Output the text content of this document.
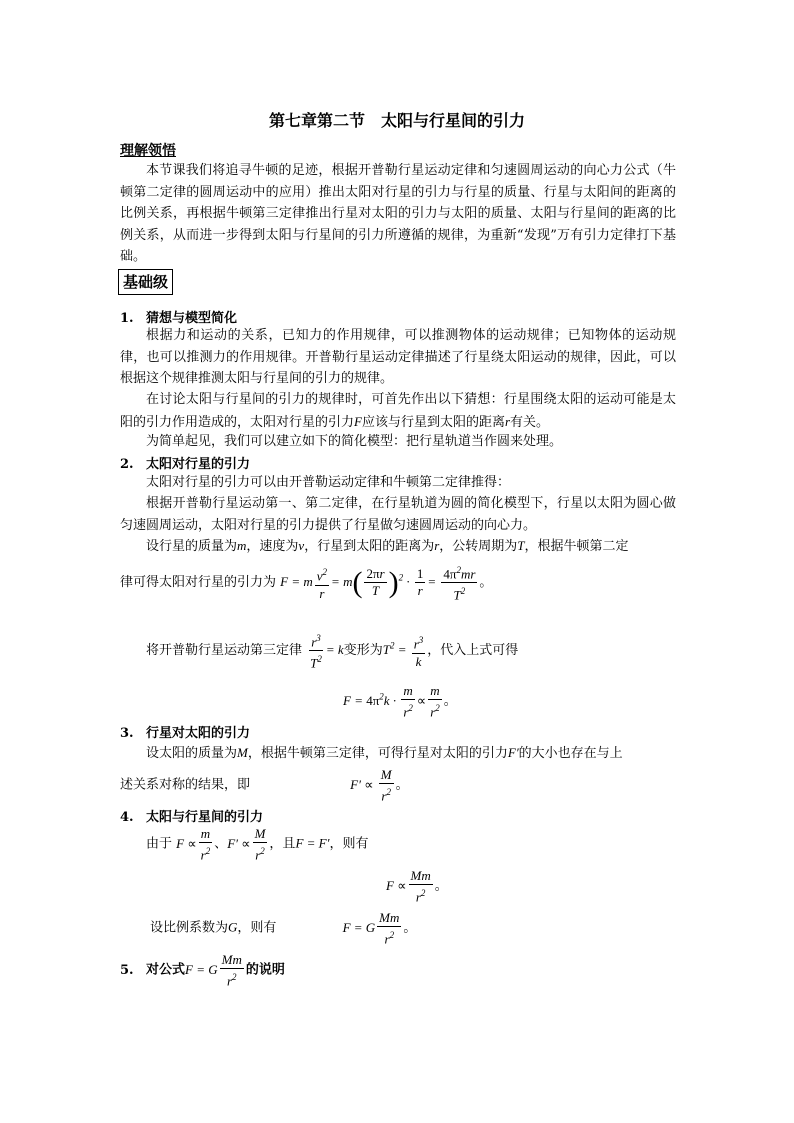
第七章第二节　太阳与行星间的引力
理解领悟
本节课我们将追寻牛顿的足迹，根据开普勒行星运动定律和匀速圆周运动的向心力公式（牛顿第二定律的圆周运动中的应用）推出太阳对行星的引力与行星的质量、行星与太阳间的距离的比例关系，再根据牛顿第三定律推出行星对太阳的引力与太阳的质量、太阳与行星间的距离的比例关系，从而进一步得到太阳与行星间的引力所遵循的规律，为重新“发现”万有引力定律打下基础。
基础级
1. 猜想与模型简化
根据力和运动的关系，已知力的作用规律，可以推测物体的运动规律；已知物体的运动规律，也可以推测力的作用规律。开普勒行星运动定律描述了行星绕太阳运动的规律，因此，可以根据这个规律推测太阳与行星间的引力的规律。
在讨论太阳与行星间的引力的规律时，可首先作出以下猜想：行星围绕太阳的运动可能是太阳的引力作用造成的，太阳对行星的引力F应该与行星到太阳的距离r有关。
为简单起见，我们可以建立如下的简化模型：把行星轨道当作圆来处理。
2. 太阳对行星的引力
太阳对行星的引力可以由开普勒运动定律和牛顿第二定律推得：
根据开普勒行星运动第一、第二定律，在行星轨道为圆的简化模型下，行星以太阳为圆心做匀速圆周运动，太阳对行星的引力提供了行星做匀速圆周运动的向心力。
设行星的质量为m，速度为v，行星到太阳的距离为r，公转周期为T，根据牛顿第二定
律可得太阳对行星的引力为 F = m $\frac{v^2}{r} = m( \frac{2\pi r}{T} )^2 \cdot \frac{1}{r} = \frac{4\pi^2mr}{T^2}$ 。
将开普勒行星运动第三定律 $\frac{r^3}{T^2} = k$变形为$T^2 = \frac{r^3}{k}$ ，代入上式可得
$F = 4\pi^2k \cdot \frac{m}{r^2} \propto \frac{m}{r^2}$ 。
3. 行星对太阳的引力
设太阳的质量为M，根据牛顿第三定律，可得行星对太阳的引力F′的大小也存在与上
述关系对称的结果，即	$F' \propto \frac{M}{r^2}$ 。
4. 太阳与行星间的引力
由于 $F \propto \frac{m}{r^2}$ 、$F' \propto \frac{M}{r^2}$ ，且F = F′，则有
$F \propto \frac{Mm}{r^2}$ 。
设比例系数为G，则有	F = G $\frac{Mm}{r^2}$ 。
5. 对公式F = G $\frac{Mm}{r^2}$ 的说明
